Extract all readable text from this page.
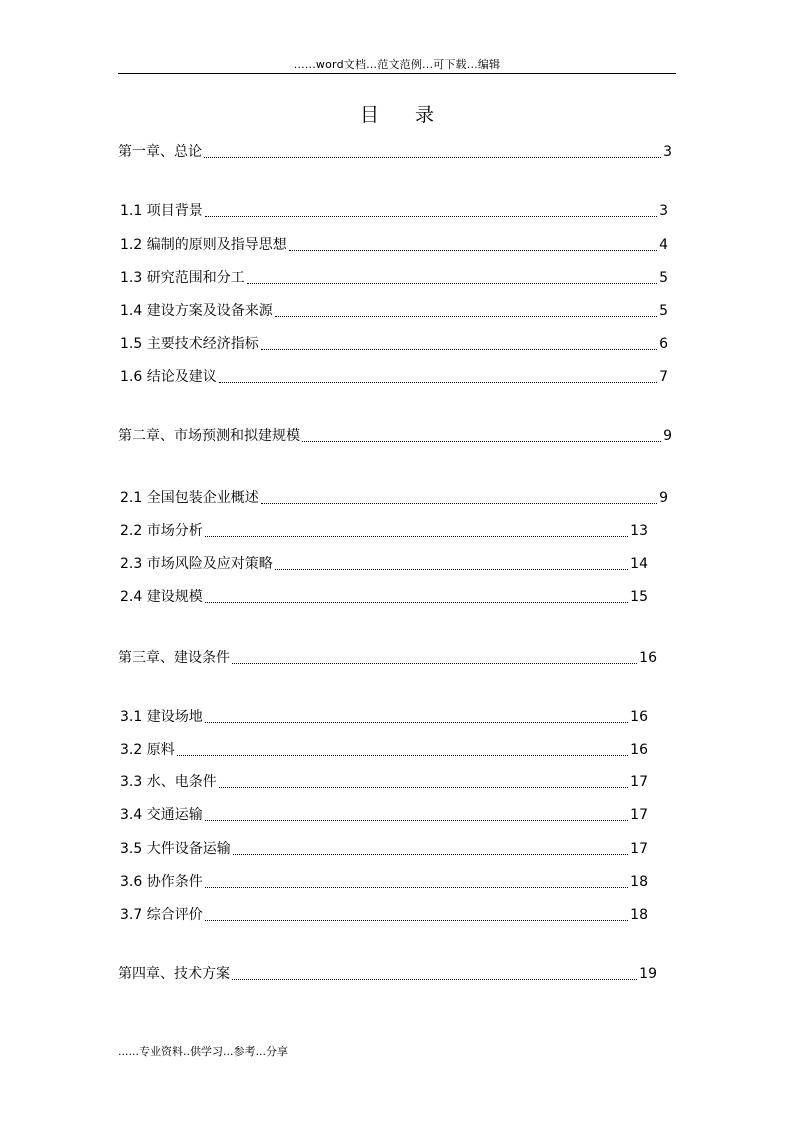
......word文档...范文范例...可下载...编辑
目 录
第一章、总论	3
1.1 项目背景	3
1.2 编制的原则及指导思想	4
1.3 研究范围和分工	5
1.4 建设方案及设备来源	5
1.5 主要技术经济指标	6
1.6 结论及建议	7
第二章、市场预测和拟建规模	9
2.1 全国包装企业概述	9
2.2 市场分析	13
2.3 市场风险及应对策略	14
2.4 建设规模	15
第三章、建设条件	16
3.1 建设场地	16
3.2 原料	16
3.3 水、电条件	17
3.4 交通运输	17
3.5 大件设备运输	17
3.6 协作条件	18
3.7 综合评价	18
第四章、技术方案	19
......专业资料..供学习...参考...分享
